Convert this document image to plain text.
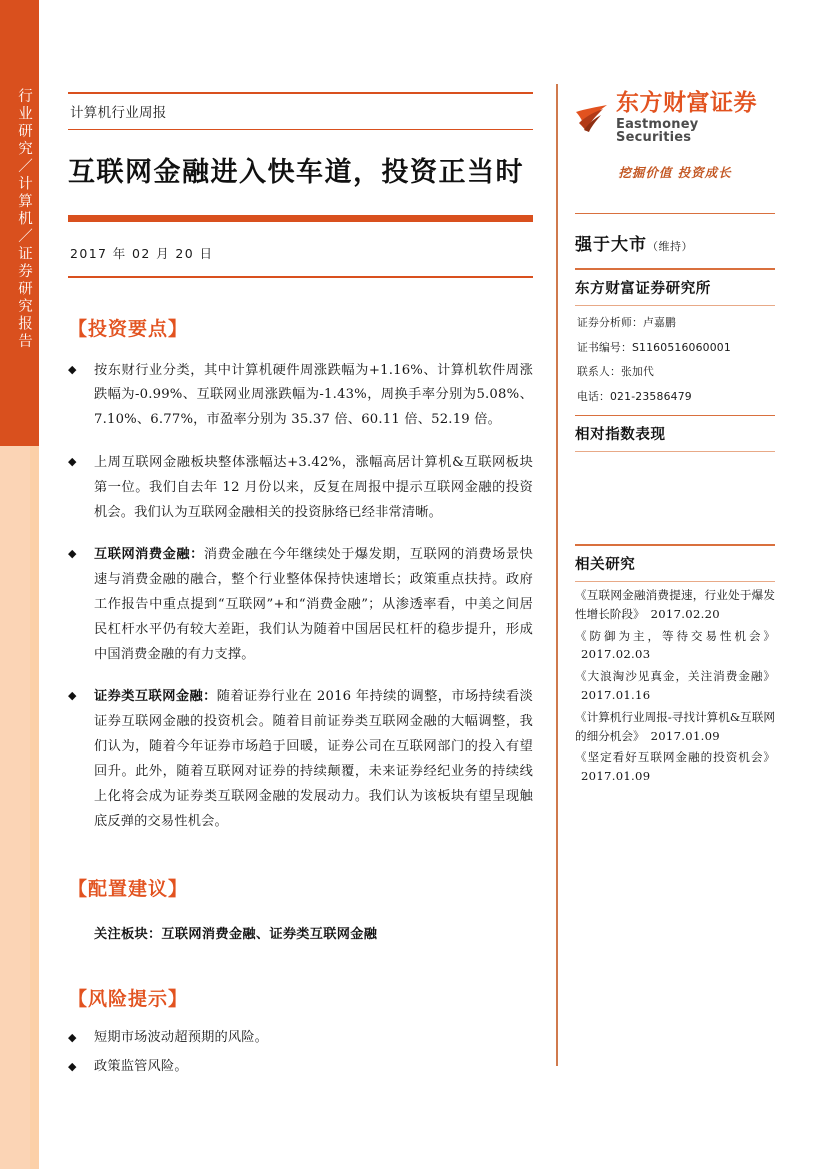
行业研究／计算机／证券研究报告	计算机行业周报
互联网金融进入快车道，投资正当时
2017 年 02 月 20 日
【投资要点】
◆	按东财行业分类，其中计算机硬件周涨跌幅为+1.16%、计算机软件周涨跌幅为-0.99%、互联网业周涨跌幅为-1.43%，周换手率分别为5.08%、7.10%、6.77%，市盈率分别为 35.37 倍、60.11 倍、52.19 倍。
◆	上周互联网金融板块整体涨幅达+3.42%，涨幅高居计算机&互联网板块第一位。我们自去年 12 月份以来，反复在周报中提示互联网金融的投资机会。我们认为互联网金融相关的投资脉络已经非常清晰。
◆	互联网消费金融：消费金融在今年继续处于爆发期，互联网的消费场景快速与消费金融的融合，整个行业整体保持快速增长；政策重点扶持。政府工作报告中重点提到“互联网”+和“消费金融”；从渗透率看，中美之间居民杠杆水平仍有较大差距，我们认为随着中国居民杠杆的稳步提升，形成中国消费金融的有力支撑。
◆	证券类互联网金融：随着证券行业在 2016 年持续的调整，市场持续看淡证券互联网金融的投资机会。随着目前证券类互联网金融的大幅调整，我们认为，随着今年证券市场趋于回暖，证券公司在互联网部门的投入有望回升。此外，随着互联网对证券的持续颠覆，未来证券经纪业务的持续线上化将会成为证券类互联网金融的发展动力。我们认为该板块有望呈现触底反弹的交易性机会。
【配置建议】
关注板块：互联网消费金融、证券类互联网金融
【风险提示】
◆	短期市场波动超预期的风险。
◆	政策监管风险。
东方财富证券
Eastmoney Securities
挖掘价值 投资成长
强于大市（维持）
东方财富证券研究所
证券分析师：卢嘉鹏
证书编号：S1160516060001
联系人：张加代
电话：021-23586479
相对指数表现
相关研究
《互联网金融消费提速，行业处于爆发性增长阶段》 2017.02.20
《防御为主，等待交易性机会》2017.02.03
《大浪淘沙见真金，关注消费金融》2017.01.16
《计算机行业周报-寻找计算机&互联网的细分机会》 2017.01.09
《坚定看好互联网金融的投资机会》2017.01.09
